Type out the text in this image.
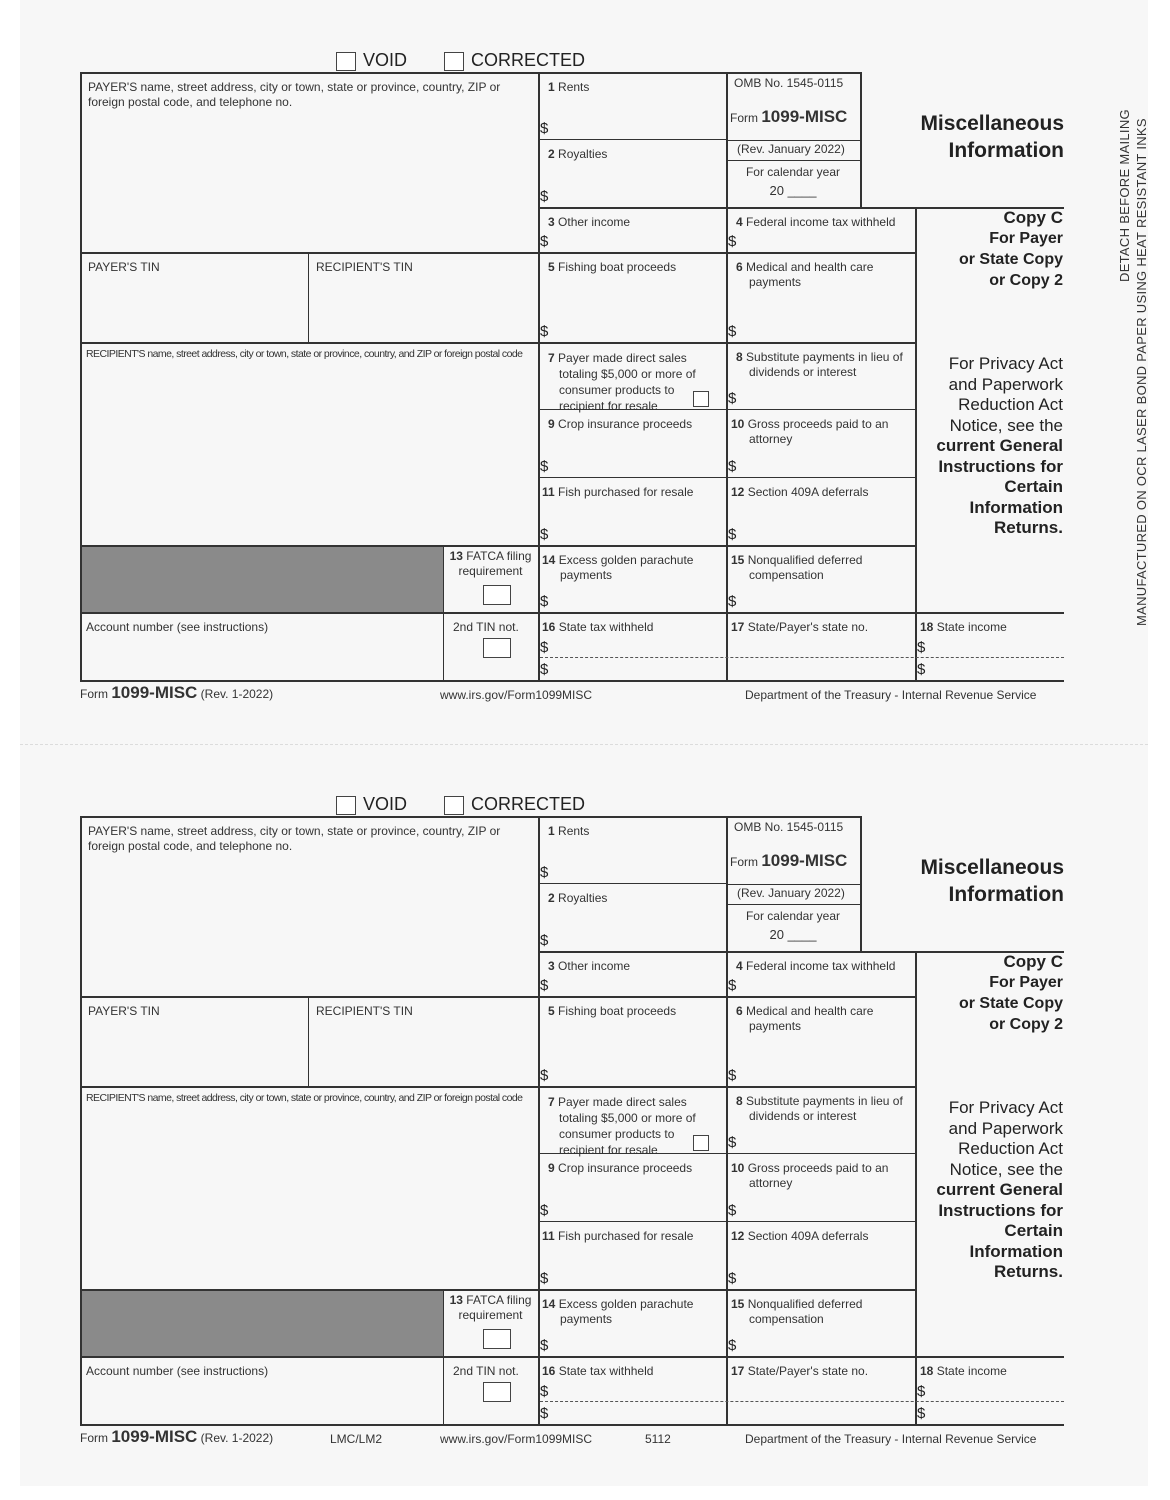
VOID	CORRECTED
PAYER'S name, street address, city or town, state or province, country, ZIP or foreign postal code, and telephone no.
PAYER'S TIN	RECIPIENT'S TIN
RECIPIENT'S name, street address, city or town, state or province, country, and ZIP or foreign postal code
Account number (see instructions)
1 Rents
$
2 Royalties
$
3 Other income
$
4 Federal income tax withheld
$
5 Fishing boat proceeds
$
6 Medical and health care payments
$
7 Payer made direct sales totaling $5,000 or more of consumer products to recipient for resale
8 Substitute payments in lieu of dividends or interest
$
9 Crop insurance proceeds
$
10 Gross proceeds paid to an attorney
$
11 Fish purchased for resale
$
12 Section 409A deferrals
$
13 FATCA filing requirement
14 Excess golden parachute payments
$
15 Nonqualified deferred compensation
$
2nd TIN not.	16 State tax withheld
$
$
17 State/Payer's state no.	18 State income
$
$
OMB No. 1545-0115
Form 1099-MISC
(Rev. January 2022)
For calendar year
20 ____
Miscellaneous
Information
Copy C
For Payer
or State Copy
or Copy 2
For Privacy Act
and Paperwork
Reduction Act
Notice, see the
current General
Instructions for
Certain
Information
Returns.
Form 1099-MISC (Rev. 1-2022)	www.irs.gov/Form1099MISC	Department of the Treasury - Internal Revenue Service
VOID	CORRECTED
PAYER'S name, street address, city or town, state or province, country, ZIP or foreign postal code, and telephone no.
PAYER'S TIN	RECIPIENT'S TIN
RECIPIENT'S name, street address, city or town, state or province, country, and ZIP or foreign postal code
Account number (see instructions)
1 Rents
$
2 Royalties
$
3 Other income
$
4 Federal income tax withheld
$
5 Fishing boat proceeds
$
6 Medical and health care payments
$
7 Payer made direct sales totaling $5,000 or more of consumer products to recipient for resale
8 Substitute payments in lieu of dividends or interest
$
9 Crop insurance proceeds
$
10 Gross proceeds paid to an attorney
$
11 Fish purchased for resale
$
12 Section 409A deferrals
$
13 FATCA filing requirement
14 Excess golden parachute payments
$
15 Nonqualified deferred compensation
$
2nd TIN not.	16 State tax withheld
$
$
17 State/Payer's state no.	18 State income
$
$
OMB No. 1545-0115
Form 1099-MISC
(Rev. January 2022)
For calendar year
20 ____
Miscellaneous
Information
Copy C
For Payer
or State Copy
or Copy 2
For Privacy Act
and Paperwork
Reduction Act
Notice, see the
current General
Instructions for
Certain
Information
Returns.
Form 1099-MISC (Rev. 1-2022)	www.irs.gov/Form1099MISC	Department of the Treasury - Internal Revenue Service
LMC/LM2	5112
DETACH BEFORE MAILING MANUFACTURED ON OCR LASER BOND PAPER USING HEAT RESISTANT INKS
